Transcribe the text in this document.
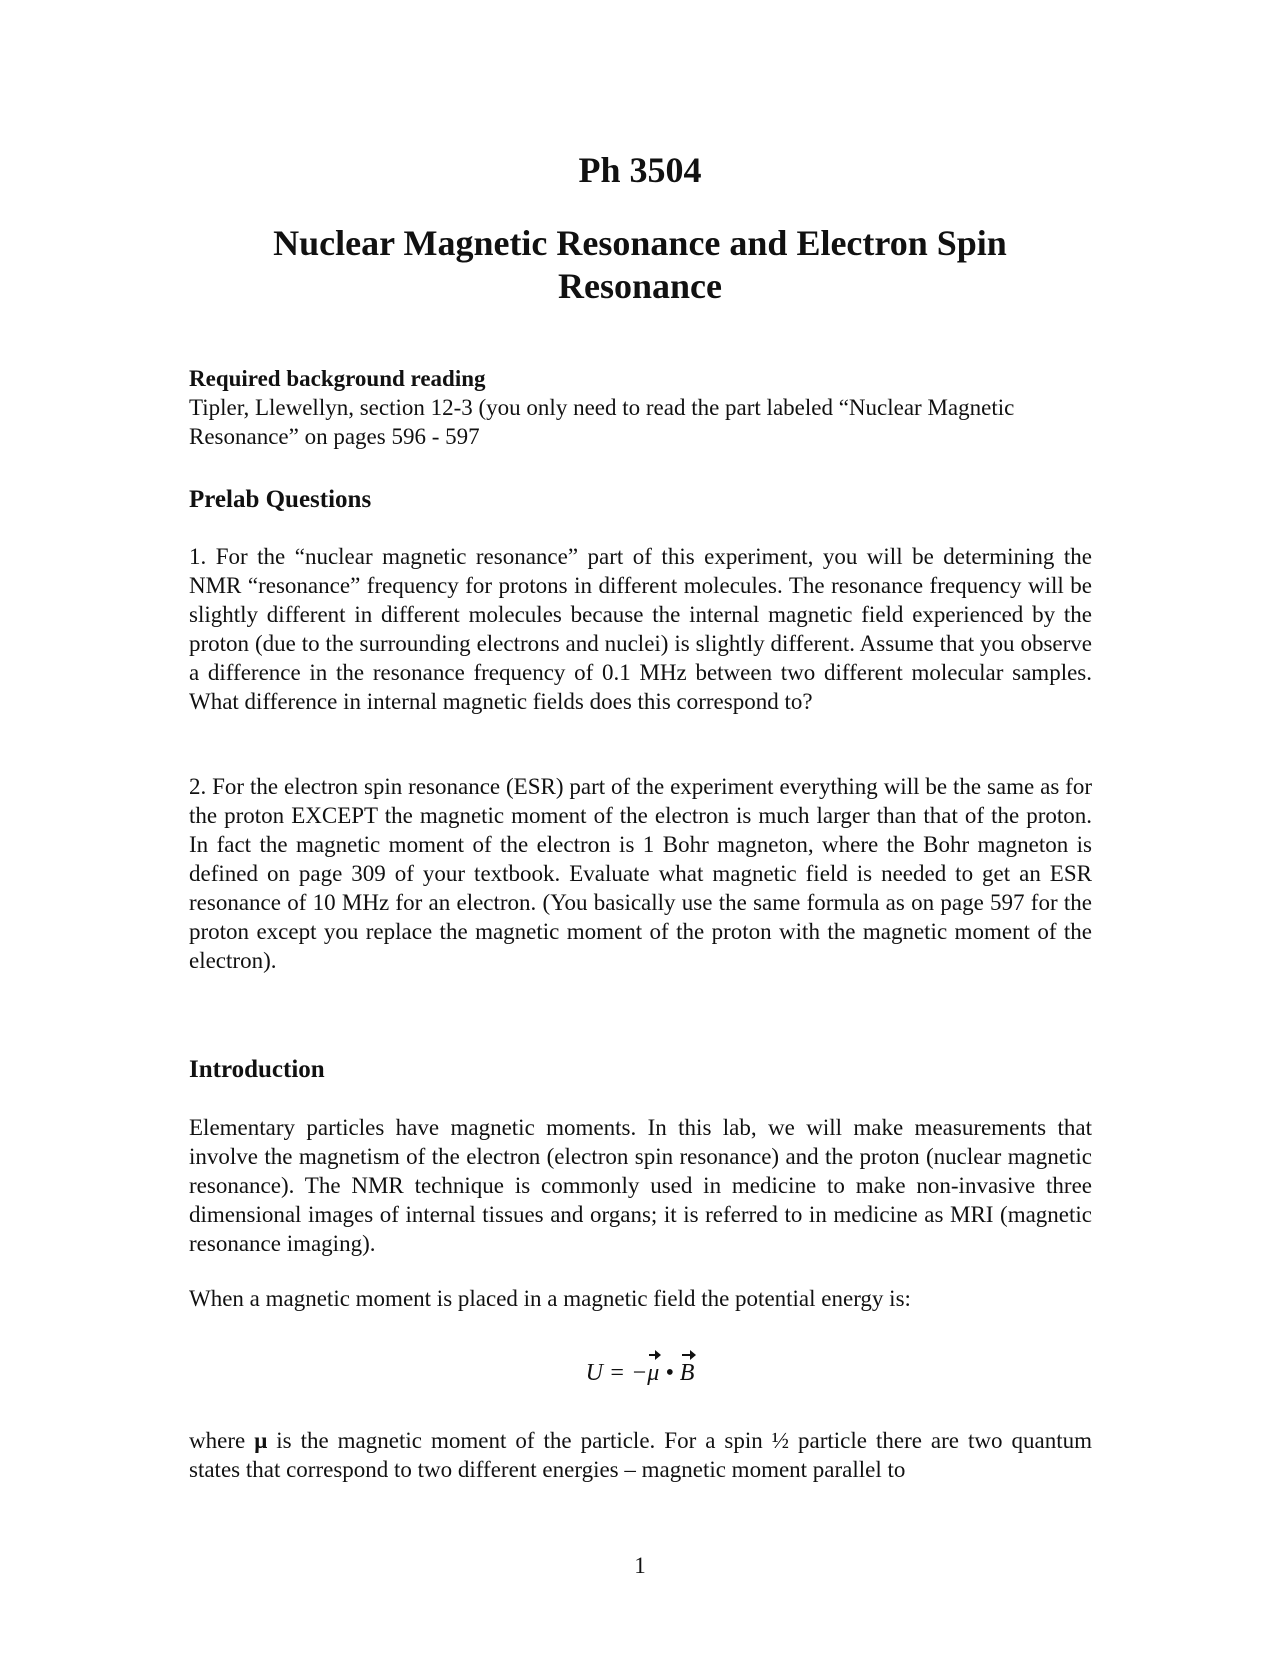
Ph 3504
Nuclear Magnetic Resonance and Electron Spin Resonance
Required background reading

Tipler, Llewellyn, section 12-3 (you only need to read the part labeled “Nuclear Magnetic Resonance” on pages 596 - 597

Prelab Questions

1. For the “nuclear magnetic resonance” part of this experiment, you will be determining the NMR “resonance” frequency for protons in different molecules. The resonance frequency will be slightly different in different molecules because the internal magnetic field experienced by the proton (due to the surrounding electrons and nuclei) is slightly different. Assume that you observe a difference in the resonance frequency of 0.1 MHz between two different molecular samples. What difference in internal magnetic fields does this correspond to?

2. For the electron spin resonance (ESR) part of the experiment everything will be the same as for the proton EXCEPT the magnetic moment of the electron is much larger than that of the proton. In fact the magnetic moment of the electron is 1 Bohr magneton, where the Bohr magneton is defined on page 309 of your textbook. Evaluate what magnetic field is needed to get an ESR resonance of 10 MHz for an electron. (You basically use the same formula as on page 597 for the proton except you replace the magnetic moment of the proton with the magnetic moment of the electron).

Introduction

Elementary particles have magnetic moments. In this lab, we will make measurements that involve the magnetism of the electron (electron spin resonance) and the proton (nuclear magnetic resonance). The NMR technique is commonly used in medicine to make non-invasive three dimensional images of internal tissues and organs; it is referred to in medicine as MRI (magnetic resonance imaging).

When a magnetic moment is placed in a magnetic field the potential energy is:

U = −μ • B

where μ is the magnetic moment of the particle. For a spin ½ particle there are two quantum states that correspond to two different energies – magnetic moment parallel to

1
